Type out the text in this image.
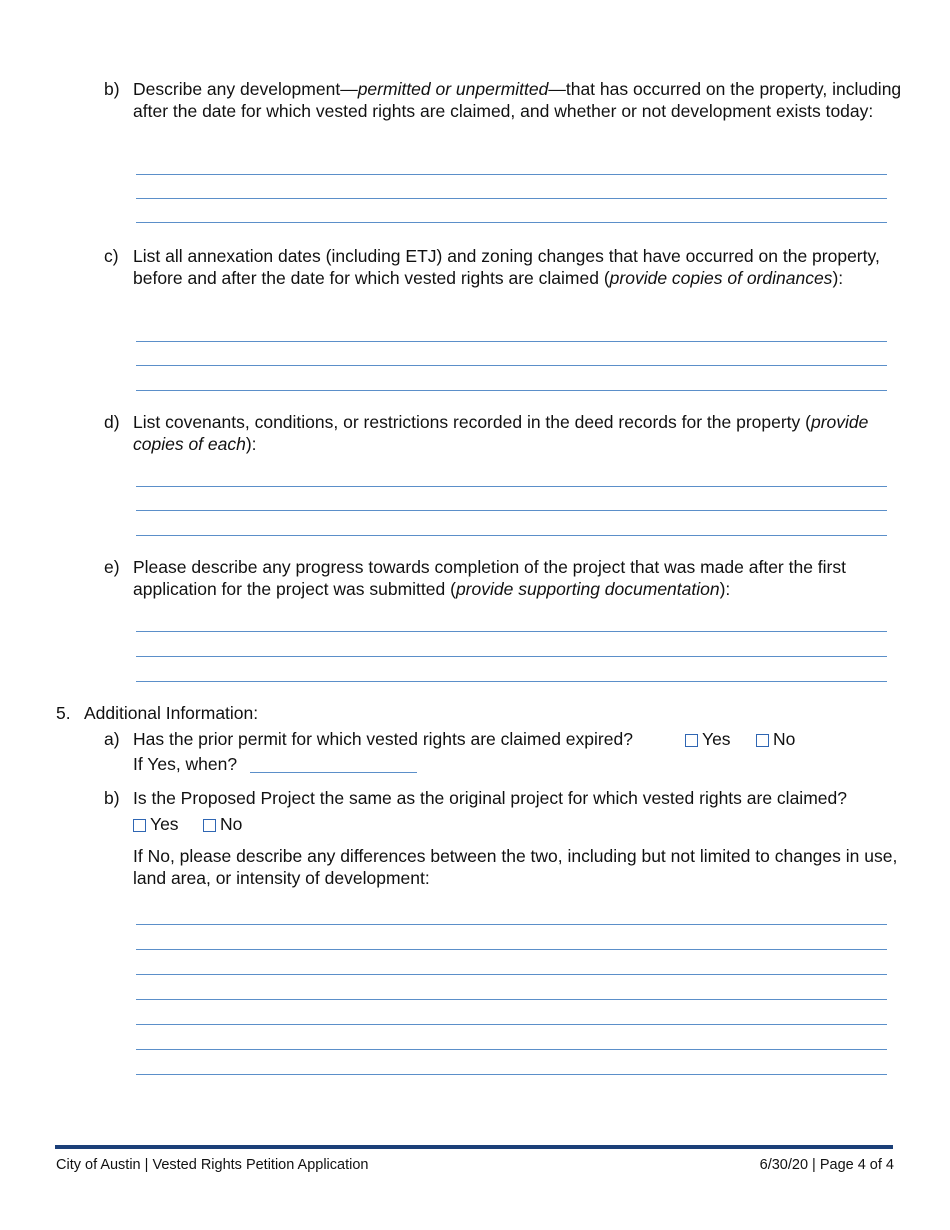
b) Describe any development—permitted or unpermitted—that has occurred on the property, including after the date for which vested rights are claimed, and whether or not development exists today:
c) List all annexation dates (including ETJ) and zoning changes that have occurred on the property, before and after the date for which vested rights are claimed (provide copies of ordinances):
d) List covenants, conditions, or restrictions recorded in the deed records for the property (provide copies of each):
e) Please describe any progress towards completion of the project that was made after the first application for the project was submitted (provide supporting documentation):
5. Additional Information:
a) Has the prior permit for which vested rights are claimed expired?	Yes	No
If Yes, when?
b) Is the Proposed Project the same as the original project for which vested rights are claimed?
Yes	No
If No, please describe any differences between the two, including but not limited to changes in use, land area, or intensity of development:
City of Austin | Vested Rights Petition Application	6/30/20 | Page 4 of 4
